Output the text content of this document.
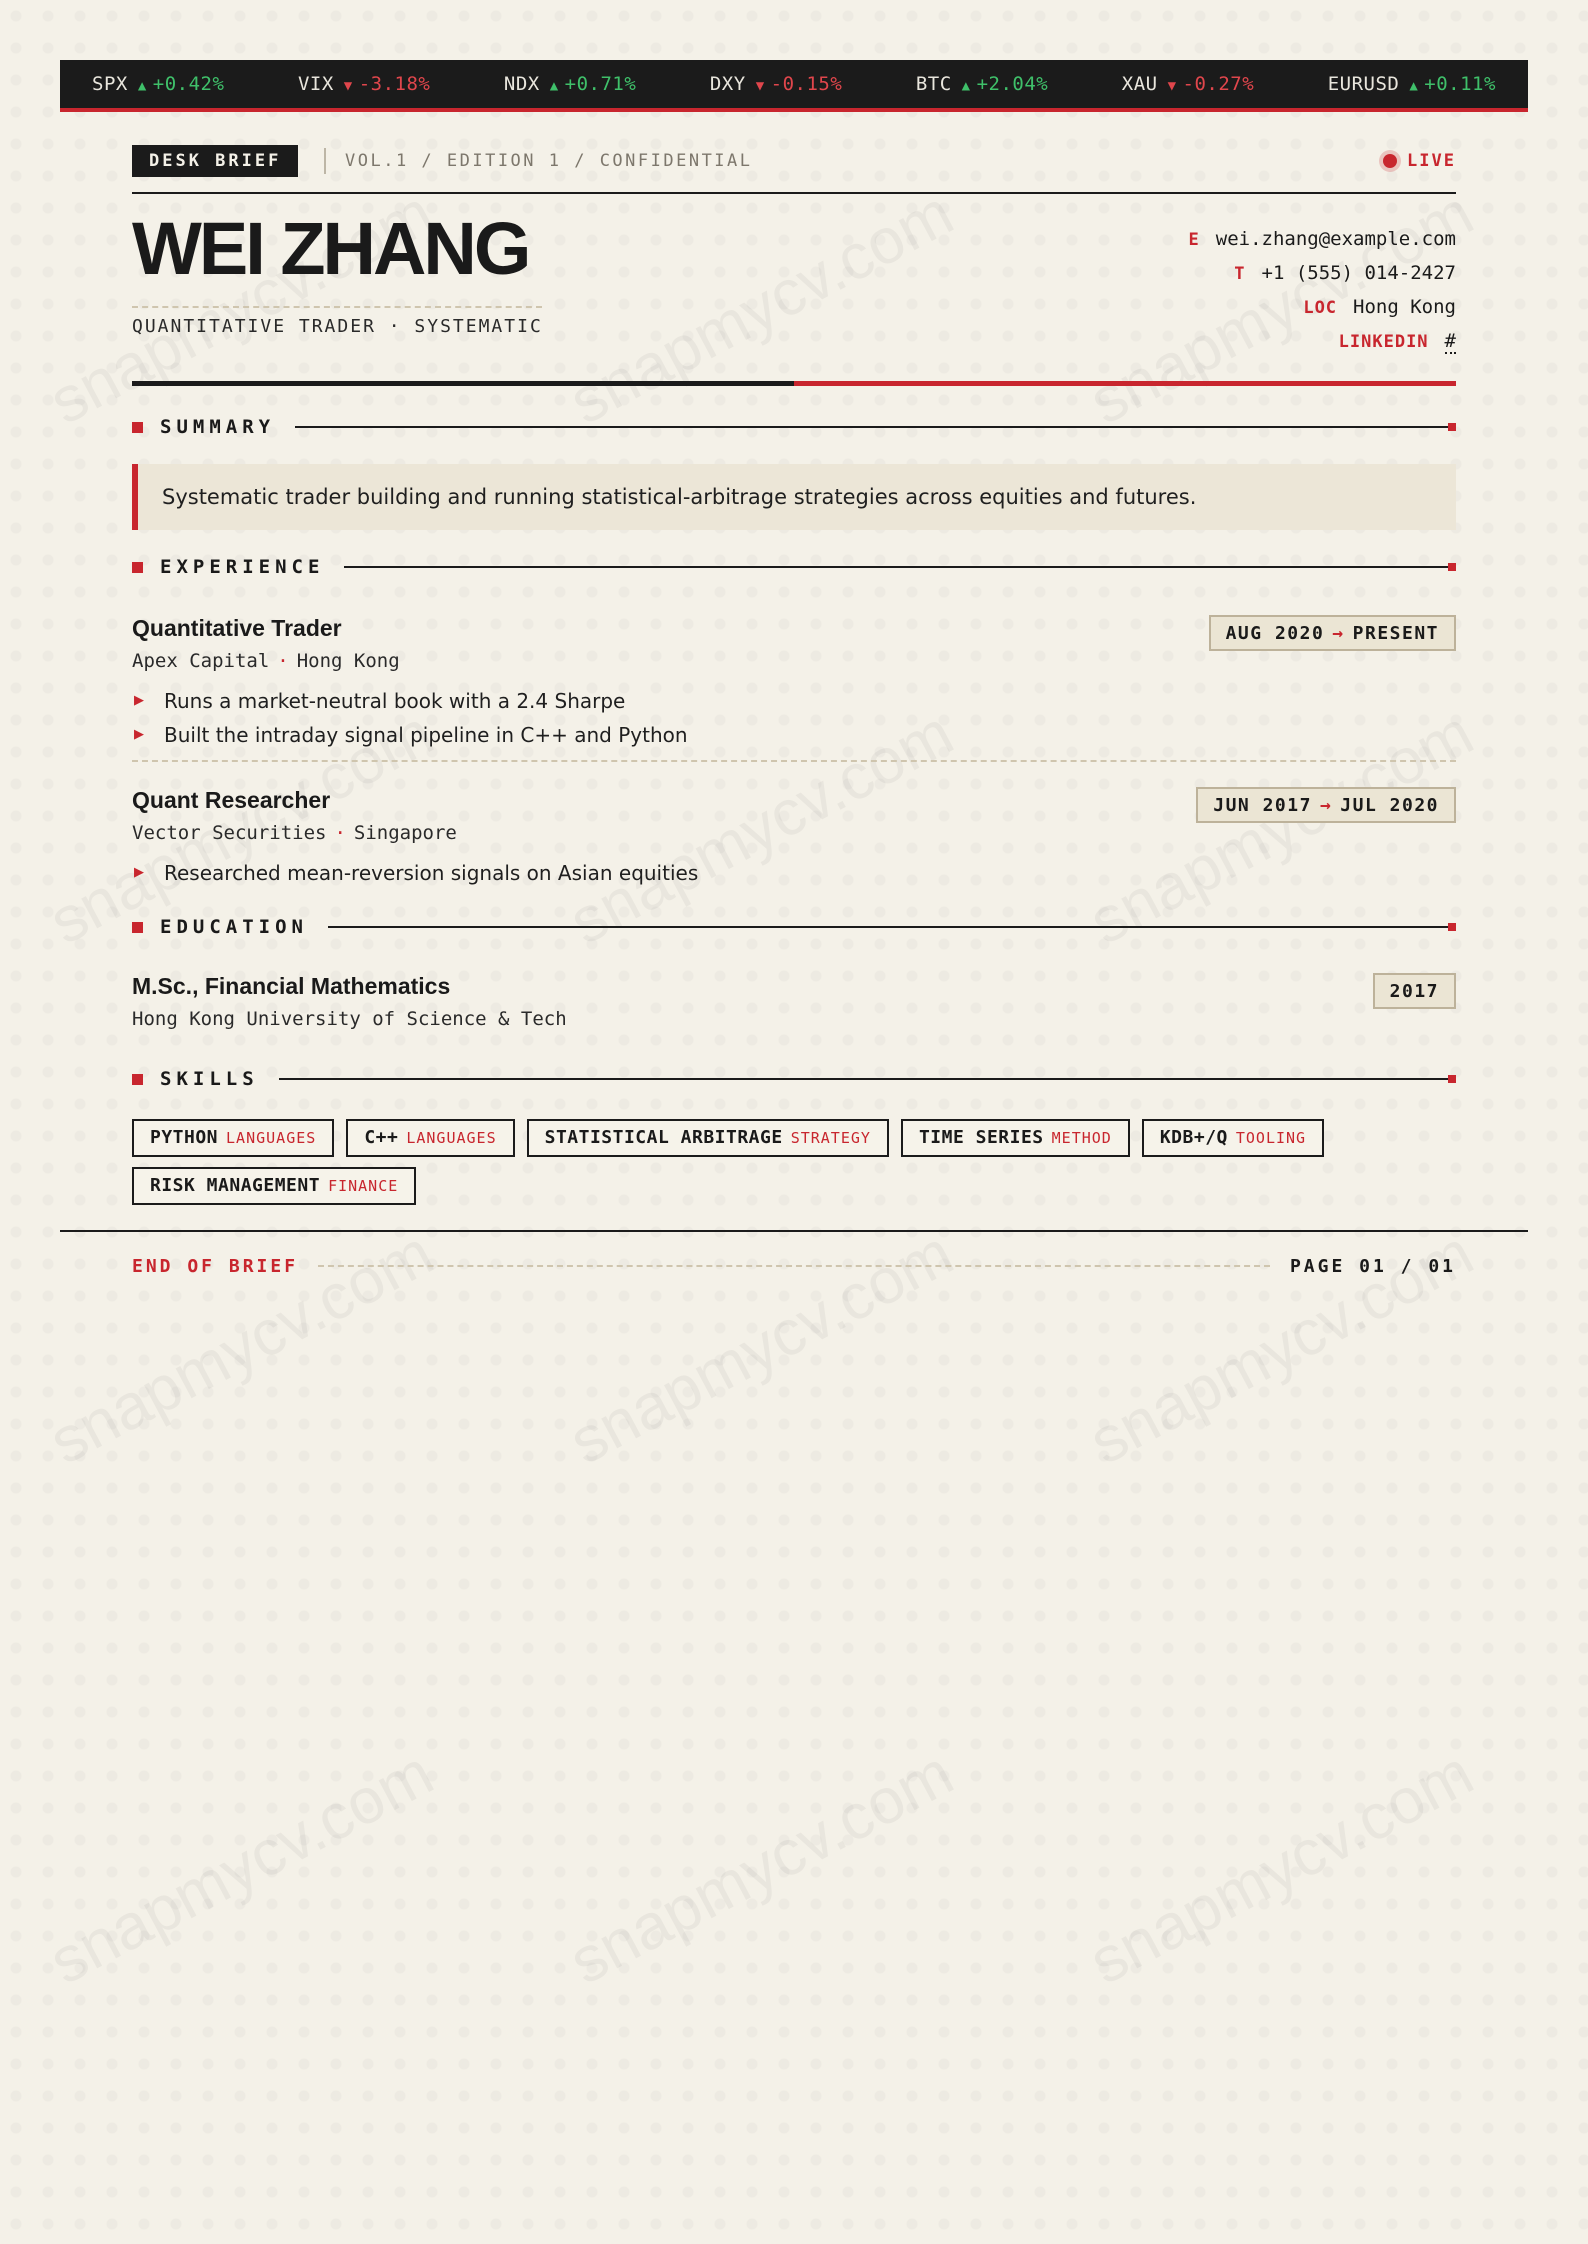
SPX ▲ +0.42%	VIX ▼ -3.18%	NDX ▲ +0.71%	DXY ▼ -0.15%	BTC ▲ +2.04%	XAU ▼ -0.27%	EURUSD ▲ +0.11%
DESK BRIEF	VOL.1 / EDITION 1 / CONFIDENTIAL	LIVE
WEI ZHANG
QUANTITATIVE TRADER · SYSTEMATIC
E wei.zhang@example.com
T +1 (555) 014-2427
LOC Hong Kong
LINKEDIN #
SUMMARY
Systematic trader building and running statistical-arbitrage strategies across equities and futures.
EXPERIENCE
Quantitative Trader
Apex Capital · Hong Kong
AUG 2020 → PRESENT
▶ Runs a market-neutral book with a 2.4 Sharpe
▶ Built the intraday signal pipeline in C++ and Python
Quant Researcher
Vector Securities · Singapore
JUN 2017 → JUL 2020
▶ Researched mean-reversion signals on Asian equities
EDUCATION
M.Sc., Financial Mathematics
Hong Kong University of Science & Tech
2017
SKILLS
PYTHON LANGUAGES	C++ LANGUAGES	STATISTICAL ARBITRAGE STRATEGY	TIME SERIES METHOD	KDB+/Q TOOLING
RISK MANAGEMENT FINANCE
END OF BRIEF	PAGE 01 / 01
